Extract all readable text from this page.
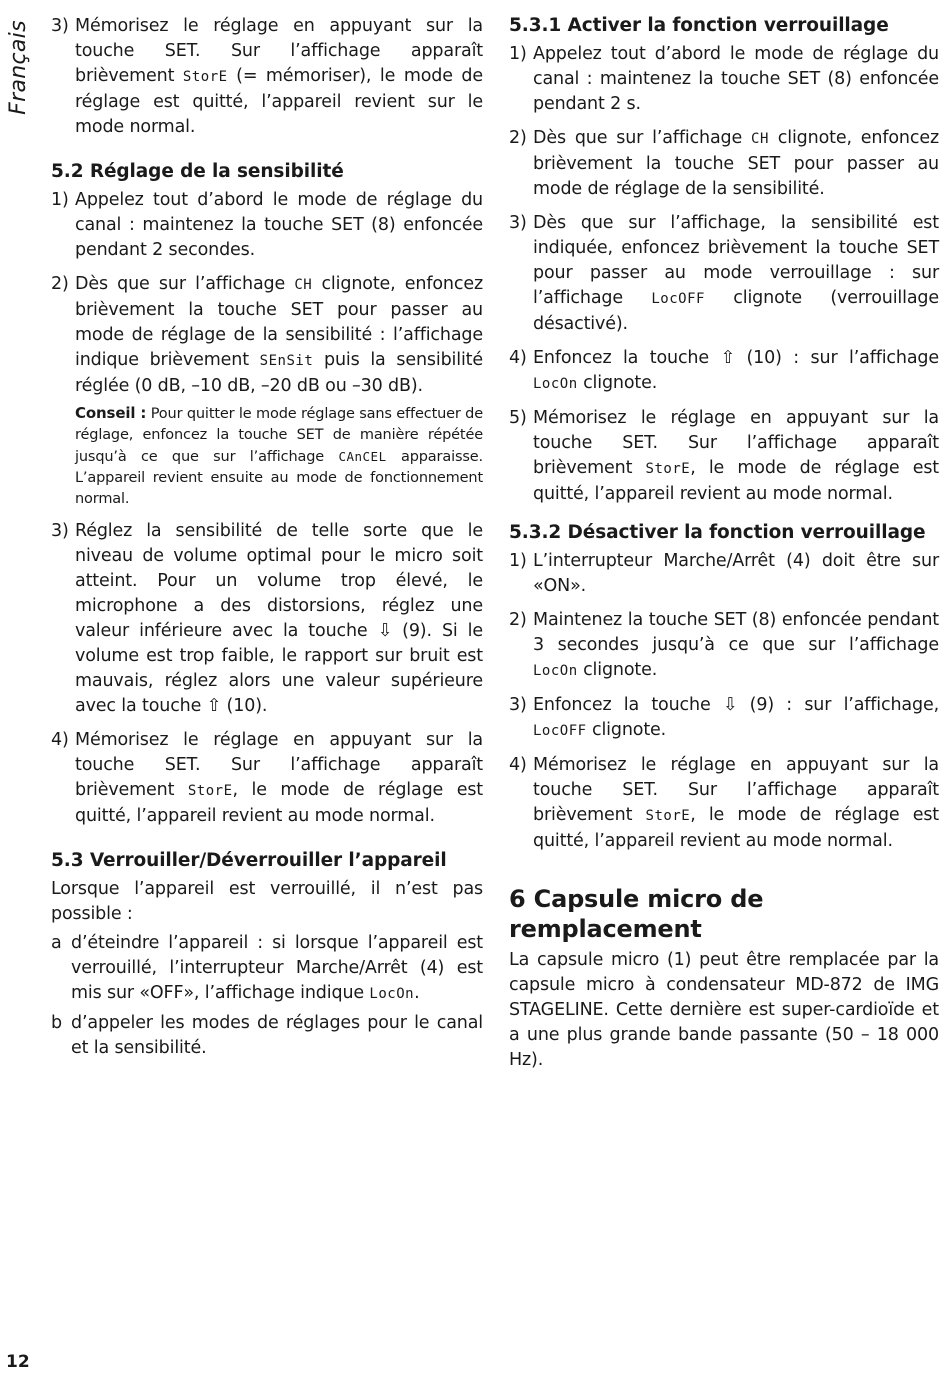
Français 3) Mémorisez le réglage en appuyant sur la touche SET. Sur l’affichage apparaît brièvement StorE (= mémoriser), le mode de réglage est quitté, l’appareil revient sur le mode normal.
5.2 Réglage de la sensibilité
1) Appelez tout d’abord le mode de réglage du canal : maintenez la touche SET (8) enfoncée pendant 2 secondes.
2) Dès que sur l’affichage CH clignote, enfoncez brièvement la touche SET pour passer au mode de réglage de la sensibilité : l’affichage indique brièvement SEnSit puis la sensibilité réglée (0 dB, –10 dB, –20 dB ou –30 dB).
Conseil : Pour quitter le mode réglage sans effectuer de réglage, enfoncez la touche SET de manière répétée jusqu’à ce que sur l’affichage CAnCEL apparaisse. L’appareil revient ensuite au mode de fonctionnement normal.
3) Réglez la sensibilité de telle sorte que le niveau de volume optimal pour le micro soit atteint. Pour un volume trop élevé, le microphone a des distorsions, réglez une valeur inférieure avec la touche ⇩ (9). Si le volume est trop faible, le rapport sur bruit est mauvais, réglez alors une valeur supérieure avec la touche ⇧ (10).
4) Mémorisez le réglage en appuyant sur la touche SET. Sur l’affichage apparaît brièvement StorE, le mode de réglage est quitté, l’appareil revient au mode normal.
5.3 Verrouiller/Déverrouiller l’appareil
Lorsque l’appareil est verrouillé, il n’est pas possible :
a d’éteindre l’appareil : si lorsque l’appareil est verrouillé, l’interrupteur Marche/Arrêt (4) est mis sur «OFF», l’affichage indique LocOn.
b d’appeler les modes de réglages pour le canal et la sensibilité.
5.3.1 Activer la fonction verrouillage
1) Appelez tout d’abord le mode de réglage du canal : maintenez la touche SET (8) enfoncée pendant 2 s.
2) Dès que sur l’affichage CH clignote, enfoncez brièvement la touche SET pour passer au mode de réglage de la sensibilité.
3) Dès que sur l’affichage, la sensibilité est indiquée, enfoncez brièvement la touche SET pour passer au mode verrouillage : sur l’affichage LocOFF clignote (verrouillage désactivé).
4) Enfoncez la touche ⇧ (10) : sur l’affichage LocOn clignote.
5) Mémorisez le réglage en appuyant sur la touche SET. Sur l’affichage apparaît brièvement StorE, le mode de réglage est quitté, l’appareil revient au mode normal.
5.3.2 Désactiver la fonction verrouillage
1) L’interrupteur Marche/Arrêt (4) doit être sur «ON».
2) Maintenez la touche SET (8) enfoncée pendant 3 secondes jusqu’à ce que sur l’affichage LocOn clignote.
3) Enfoncez la touche ⇩ (9) : sur l’affichage, LocOFF clignote.
4) Mémorisez le réglage en appuyant sur la touche SET. Sur l’affichage apparaît brièvement StorE, le mode de réglage est quitté, l’appareil revient au mode normal.
6 Capsule micro de remplacement
La capsule micro (1) peut être remplacée par la capsule micro à condensateur MD-872 de IMG STAGELINE. Cette dernière est super-cardioïde et a une plus grande bande passante (50 – 18 000 Hz).
12
